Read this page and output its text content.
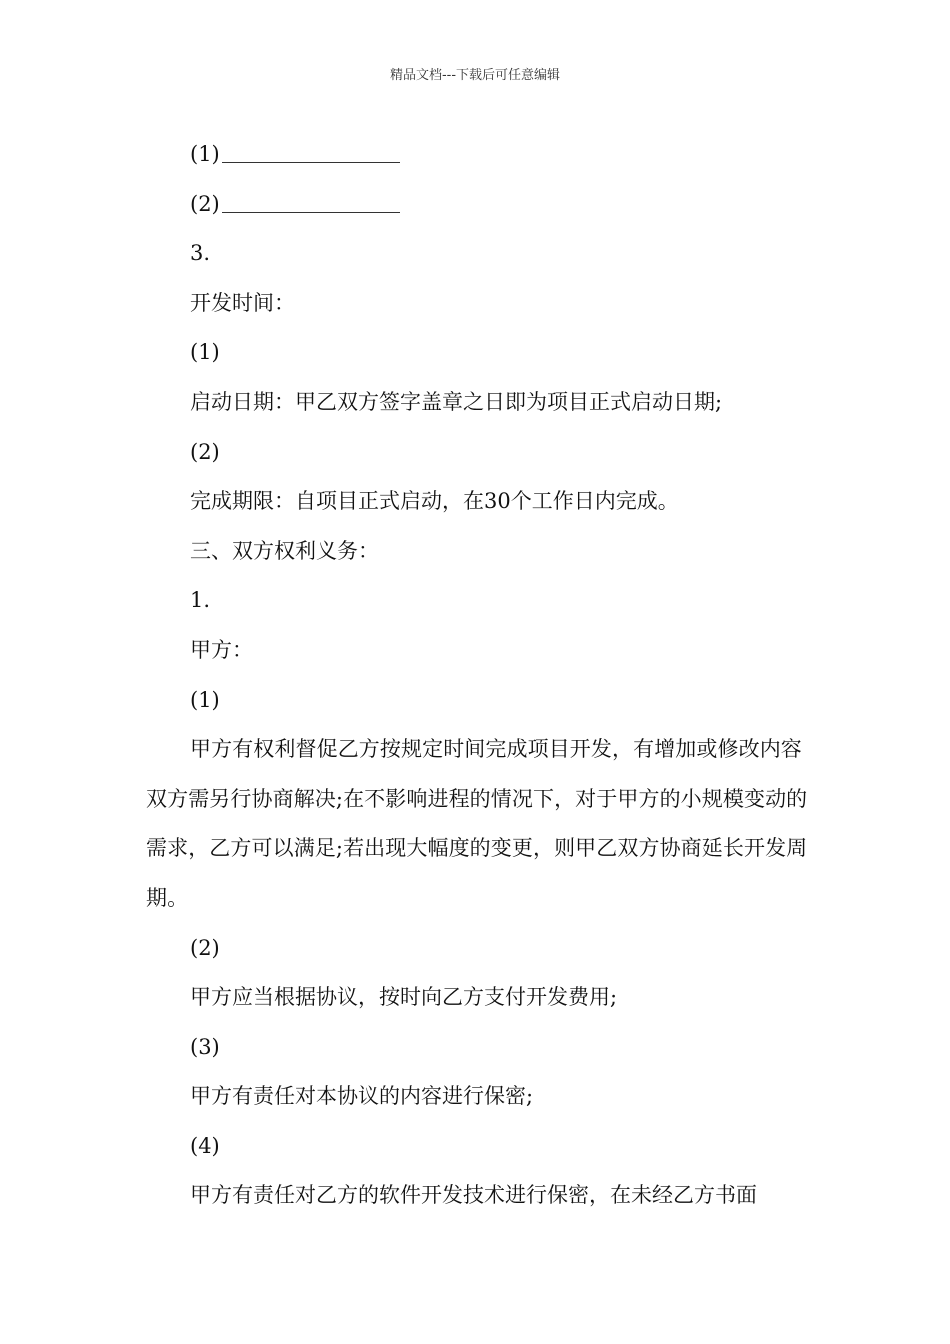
精品文档---下载后可任意编辑
(1)
(2)
3.
开发时间：
(1)
启动日期：甲乙双方签字盖章之日即为项目正式启动日期;
(2)
完成期限：自项目正式启动，在30个工作日内完成。
三、双方权利义务：
1.
甲方：
(1)
甲方有权利督促乙方按规定时间完成项目开发，有增加或修改内容双方需另行协商解决;在不影响进程的情况下，对于甲方的小规模变动的需求，乙方可以满足;若出现大幅度的变更，则甲乙双方协商延长开发周期。
(2)
甲方应当根据协议，按时向乙方支付开发费用;
(3)
甲方有责任对本协议的内容进行保密;
(4)
甲方有责任对乙方的软件开发技术进行保密，在未经乙方书面
